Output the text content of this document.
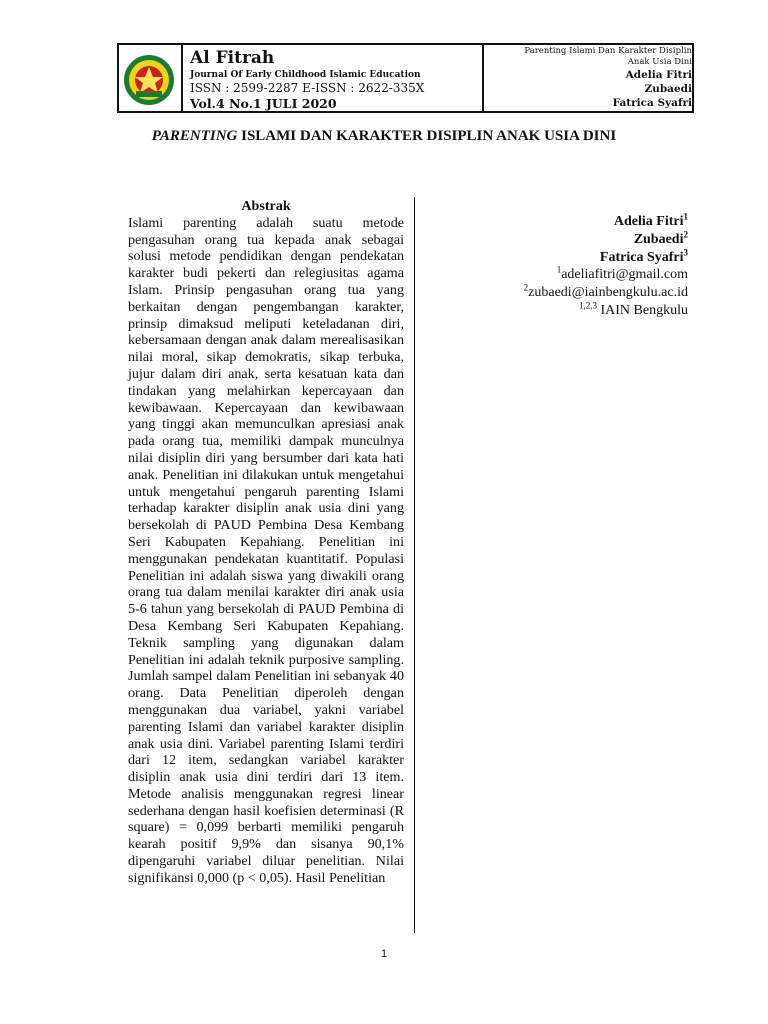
Al Fitrah
Journal Of Early Childhood Islamic Education
ISSN : 2599-2287 E-ISSN : 2622-335X
Vol.4 No.1 JULI 2020
Parenting Islami Dan Karakter Disiplin
Anak Usia Dini
Adelia Fitri
Zubaedi
Fatrica Syafri
PARENTING ISLAMI DAN KARAKTER DISIPLIN ANAK USIA DINI
Abstrak
Islami parenting adalah suatu metode pengasuhan orang tua kepada anak sebagai solusi metode pendidikan dengan pendekatan karakter budi pekerti dan relegiusitas agama Islam. Prinsip pengasuhan orang tua yang berkaitan dengan pengembangan karakter, prinsip dimaksud meliputi keteladanan diri, kebersamaan dengan anak dalam merealisasikan nilai moral, sikap demokratis, sikap terbuka, jujur dalam diri anak, serta kesatuan kata dan tindakan yang melahirkan kepercayaan dan kewibawaan. Kepercayaan dan kewibawaan yang tinggi akan memunculkan apresiasi anak pada orang tua, memiliki dampak munculnya nilai disiplin diri yang bersumber dari kata hati anak. Penelitian ini dilakukan untuk mengetahui untuk mengetahui pengaruh parenting Islami terhadap karakter disiplin anak usia dini yang bersekolah di PAUD Pembina Desa Kembang Seri Kabupaten Kepahiang. Penelitian ini menggunakan pendekatan kuantitatif. Populasi Penelitian ini adalah siswa yang diwakili orang orang tua dalam menilai karakter diri anak usia 5-6 tahun yang bersekolah di PAUD Pembina di Desa Kembang Seri Kabupaten Kepahiang. Teknik sampling yang digunakan dalam Penelitian ini adalah teknik purposive sampling. Jumlah sampel dalam Penelitian ini sebanyak 40 orang. Data Penelitian diperoleh dengan menggunakan dua variabel, yakni variabel parenting Islami dan variabel karakter disiplin anak usia dini. Variabel parenting Islami terdiri dari 12 item, sedangkan variabel karakter disiplin anak usia dini terdiri dari 13 item. Metode analisis menggunakan regresi linear sederhana dengan hasil koefisien determinasi (R square) = 0,099 berbarti memiliki pengaruh kearah positif 9,9% dan sisanya 90,1% dipengaruhi variabel diluar penelitian. Nilai signifikansi 0,000 (p < 0,05). Hasil Penelitian
Adelia Fitri$^1$
Zubaedi$^2$
Fatrica Syafri$^3$
$^1$adeliafitri@gmail.com
$^2$zubaedi@iainbengkulu.ac.id
$^{1,2,3}$ IAIN Bengkulu
1
